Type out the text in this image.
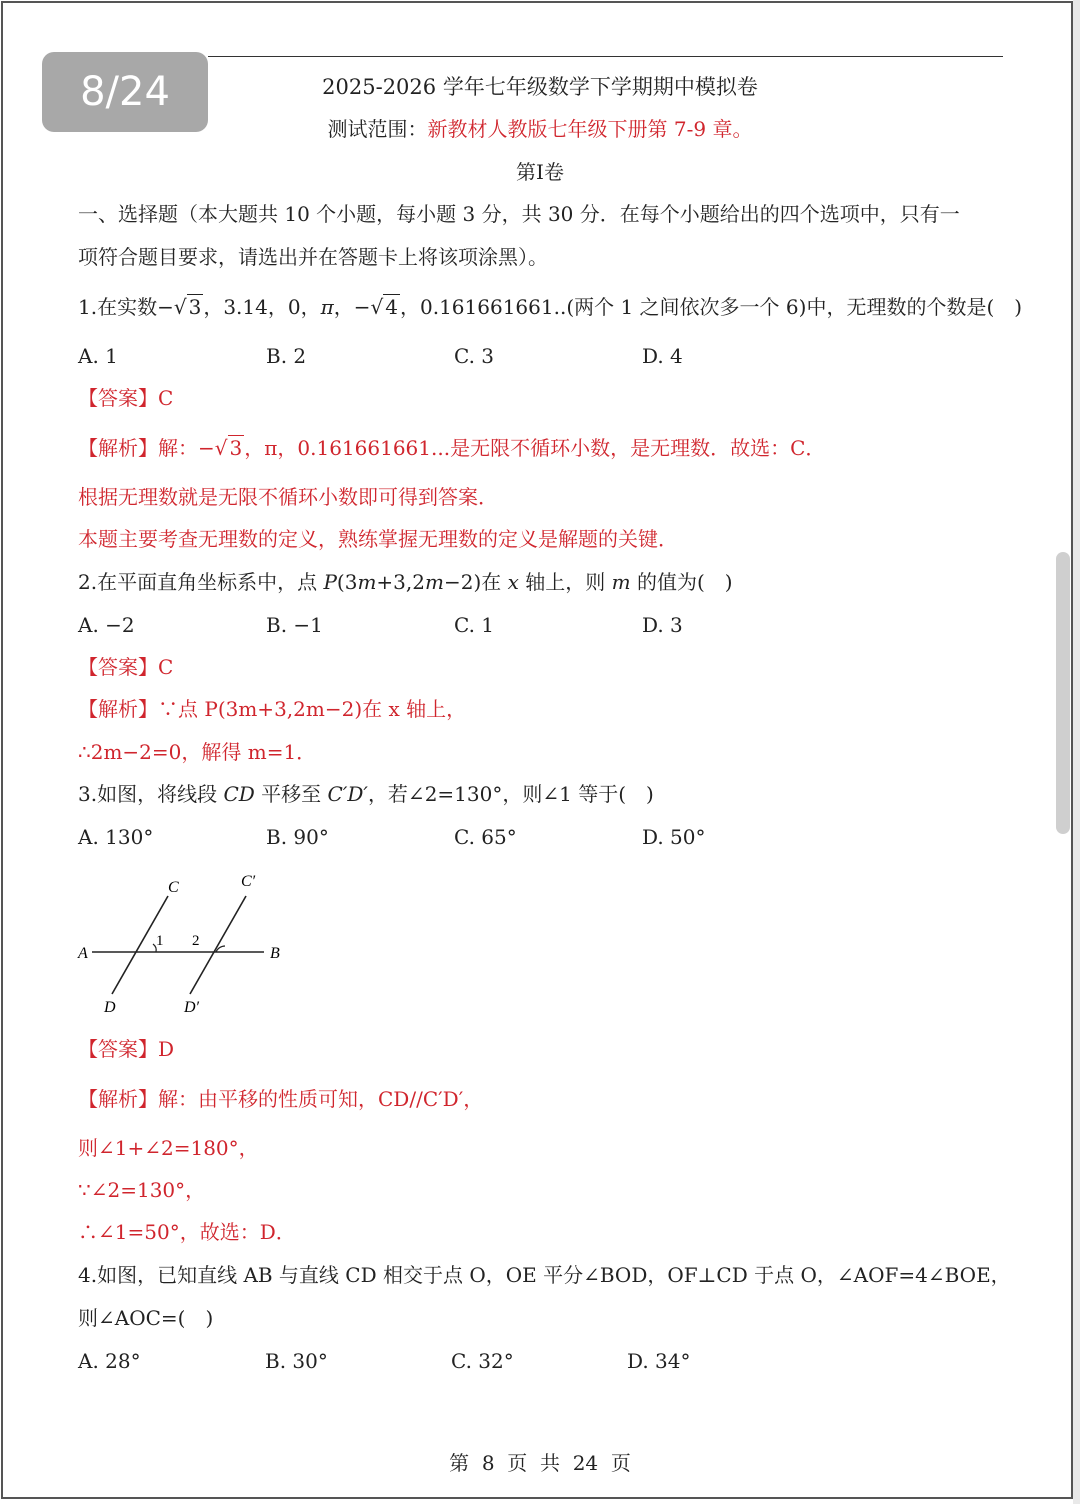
8/24	2025-2026 学年七年级数学下学期期中模拟卷
测试范围：新教材人教版七年级下册第 7-9 章。
第I卷
一、选择题（本大题共 10 个小题，每小题 3 分，共 30 分．在每个小题给出的四个选项中，只有一
项符合题目要求，请选出并在答题卡上将该项涂黑）。
1.在实数−√ 3 ，3.14，0，π，−√ 4 ，0.161661661..(两个 1 之间依次多一个 6)中，无理数的个数是(　)
A. 1	B. 2	C. 3	D. 4
【答案】C
【解析】解：−√ 3 ，π，0.161661661...是无限不循环小数，是无理数．故选：C．
根据无理数就是无限不循环小数即可得到答案．
本题主要考查无理数的定义，熟练掌握无理数的定义是解题的关键．
2.在平面直角坐标系中，点 P(3m+3,2m−2)在 x 轴上，则 m 的值为(　)
A. −2	B. −1	C. 1	D. 3
【答案】C
【解析】∵点 P(3m+3,2m−2)在 x 轴上，
∴2m−2=0，解得 m=1．
3.如图，将线段 CD 平移至 C′D′，若∠2=130°，则∠1 等于(　)
A. 130°	B. 90°	C. 65°	D. 50°
A	B
C	C′
D	D′
1 2
【答案】D
【解析】解：由平移的性质可知，CD//C′D′，
则∠1+∠2=180°，
∵∠2=130°，
∴∠1=50°，故选：D．
4.如图，已知直线 AB 与直线 CD 相交于点 O，OE 平分∠BOD，OF⊥CD 于点 O，∠AOF=4∠BOE，
则∠AOC=(　)
A. 28°	B. 30°	C. 32°	D. 34°
第  8  页  共  24  页
